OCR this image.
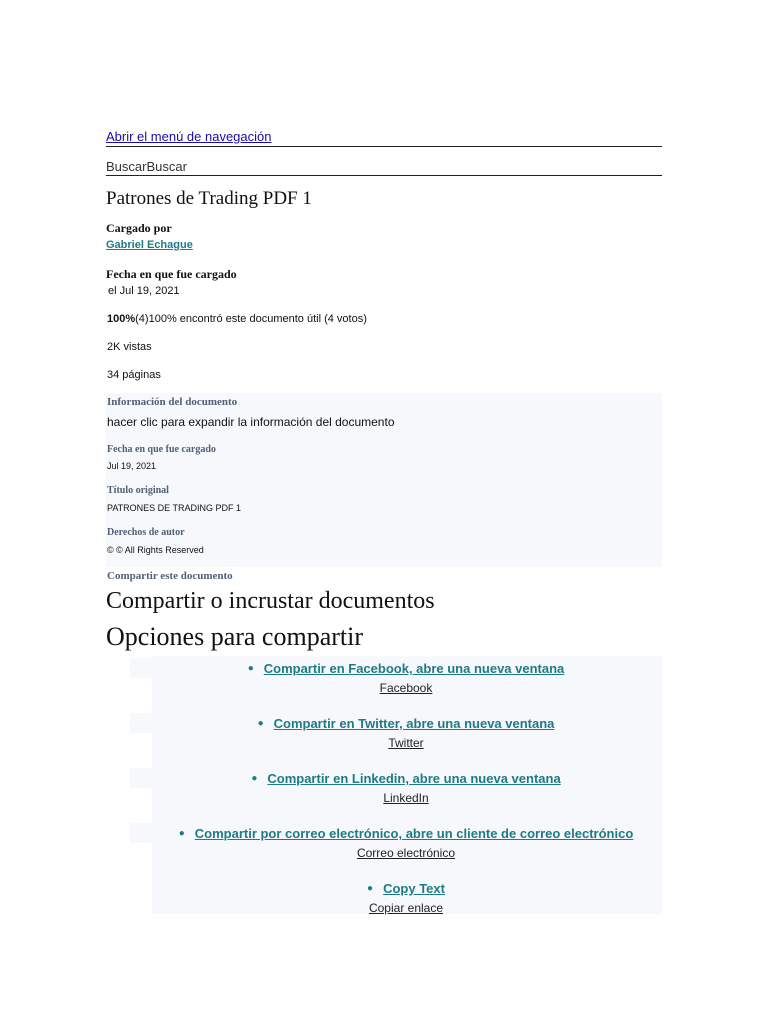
Abrir el menú de navegación
BuscarBuscar
Patrones de Trading PDF 1
Cargado por
Gabriel Echague
Fecha en que fue cargado
el Jul 19, 2021
100%(4)100% encontró este documento útil (4 votos)
2K vistas
34 páginas
Información del documento
hacer clic para expandir la información del documento
Fecha en que fue cargado
Jul 19, 2021
Título original
PATRONES DE TRADING PDF 1
Derechos de autor
© © All Rights Reserved
Compartir este documento
Compartir o incrustar documentos
Opciones para compartir
● Compartir en Facebook, abre una nueva ventana
Facebook
● Compartir en Twitter, abre una nueva ventana
Twitter
● Compartir en Linkedin, abre una nueva ventana
LinkedIn
● Compartir por correo electrónico, abre un cliente de correo electrónico
Correo electrónico
● Copy Text
Copiar enlace
